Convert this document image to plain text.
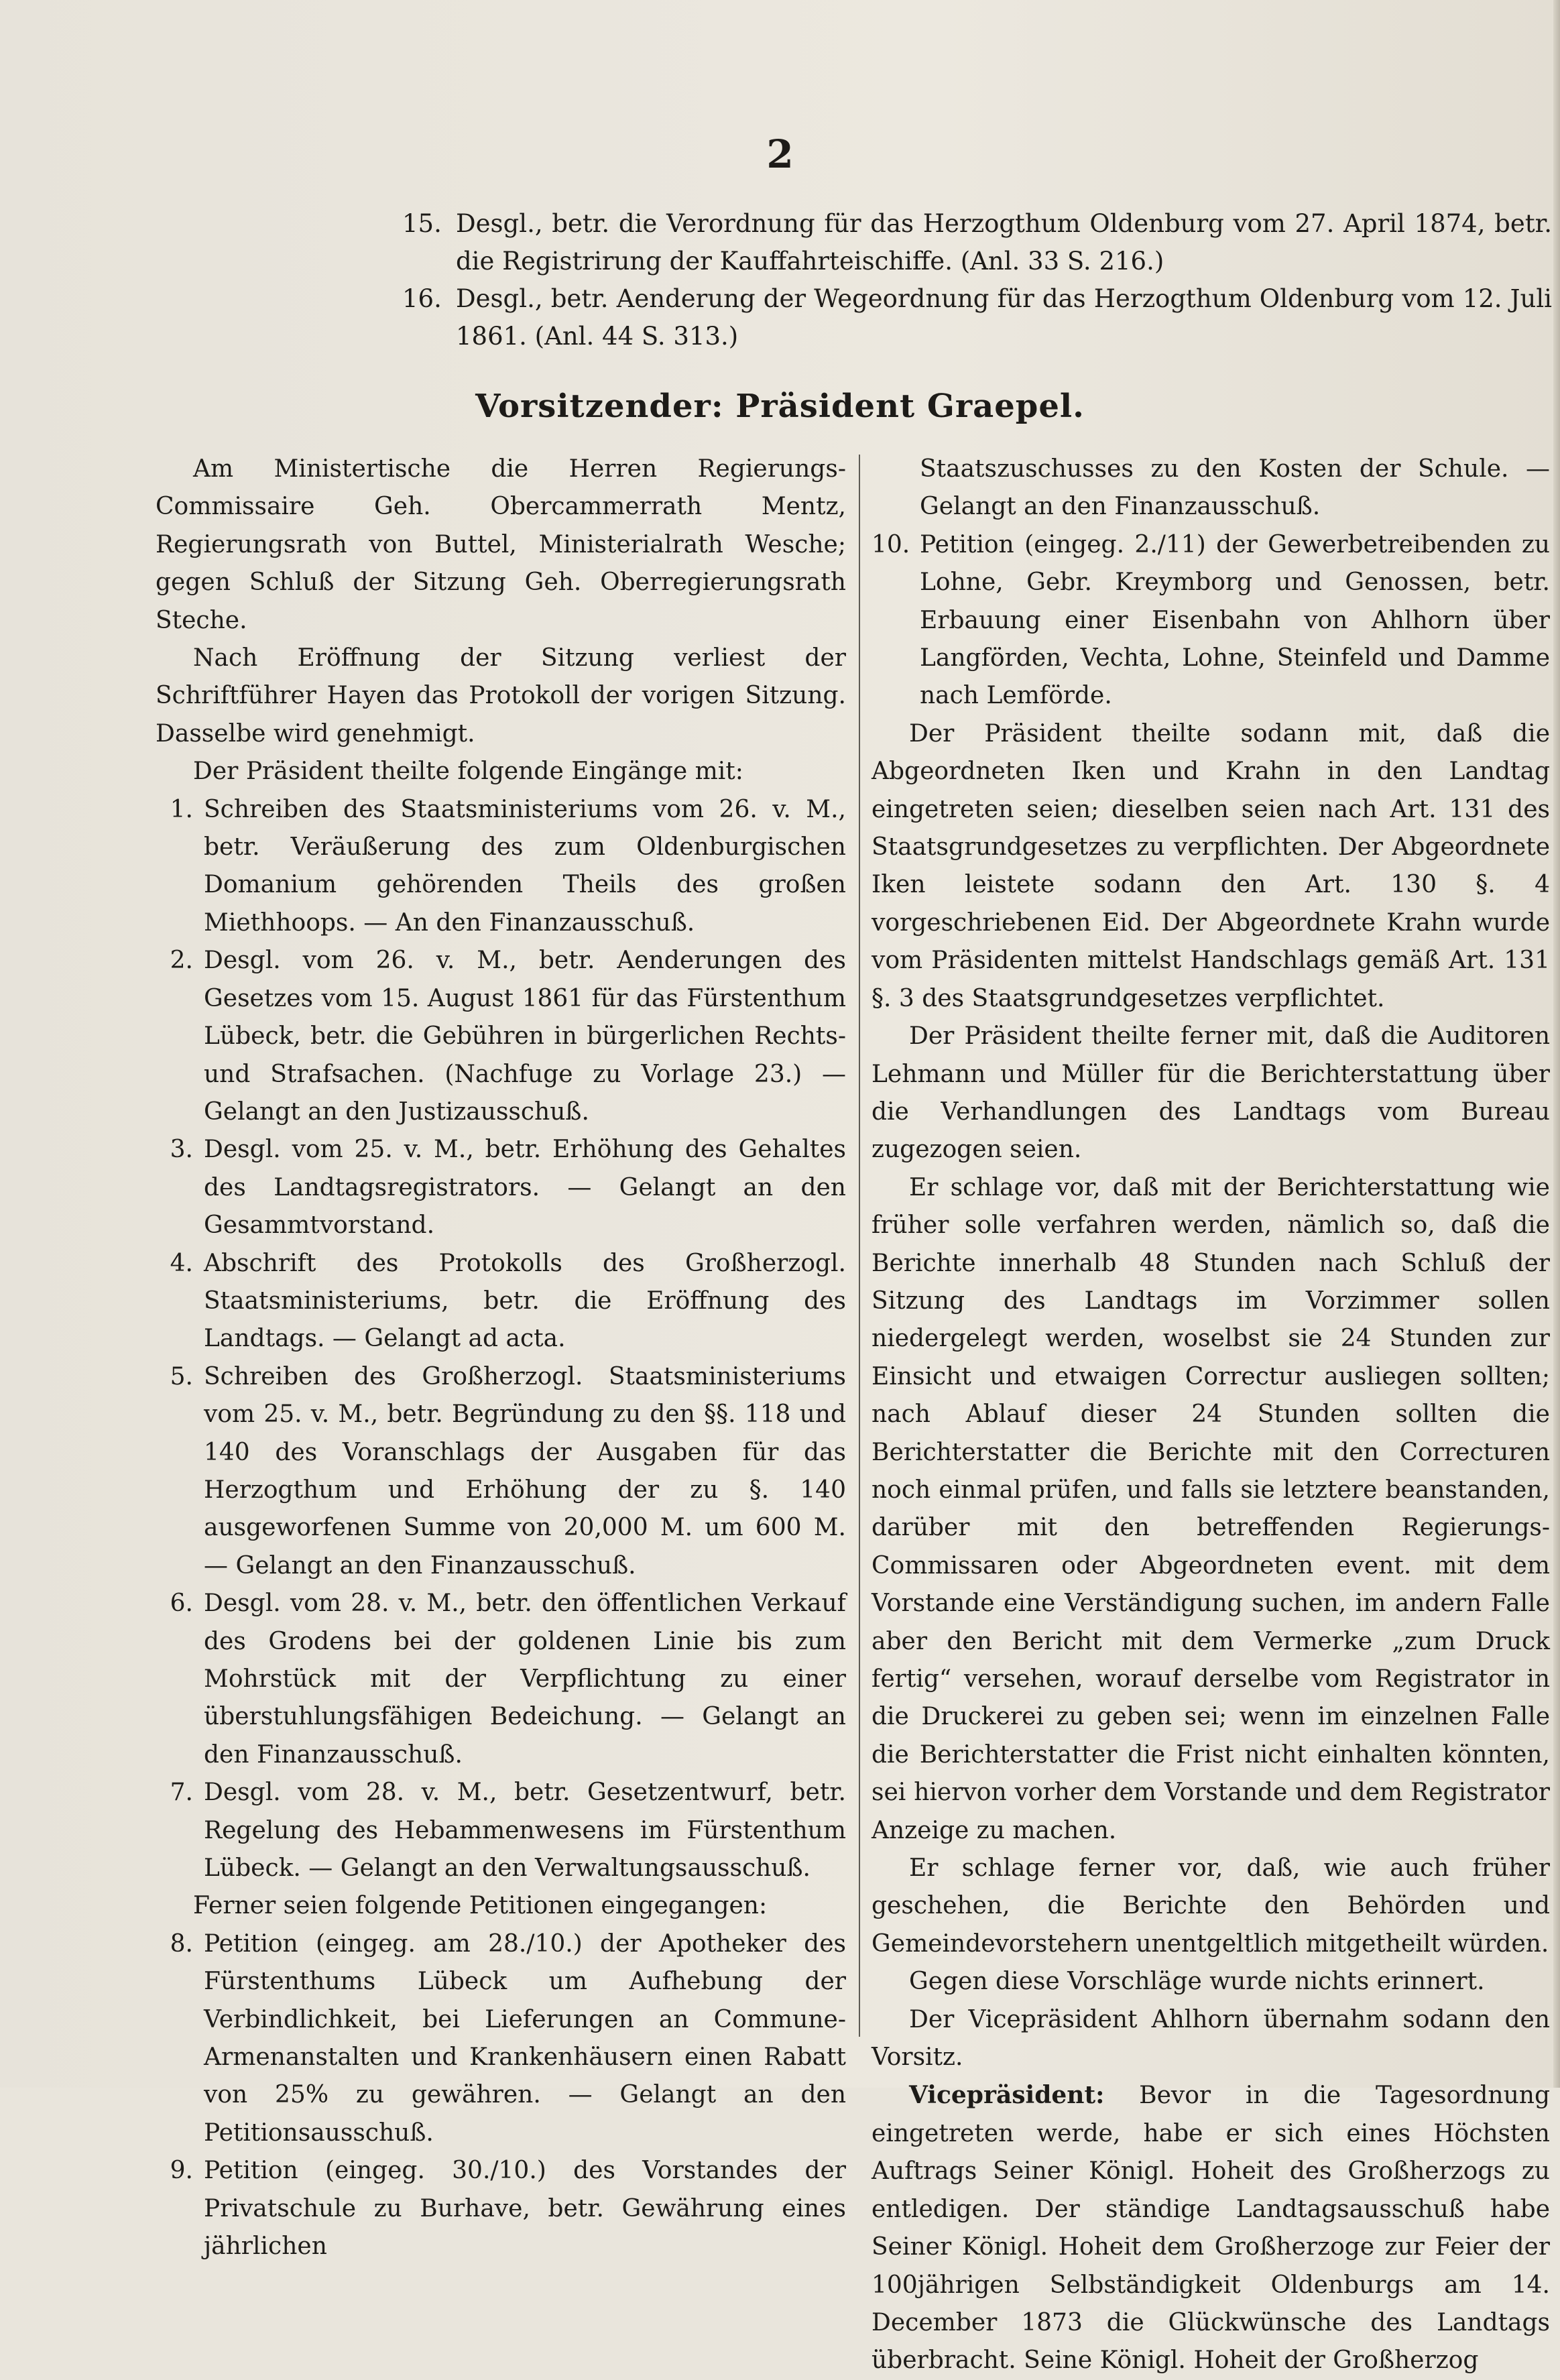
2
15. Desgl., betr. die Verordnung für das Herzogthum Oldenburg vom 27. April 1874, betr. die Registrirung der Kauffahrteischiffe. (Anl. 33 S. 216.)
16. Desgl., betr. Aenderung der Wegeordnung für das Herzogthum Oldenburg vom 12. Juli 1861. (Anl. 44 S. 313.)
Vorsitzender: Präsident Graepel.

Am Ministertische die Herren Regierungs-Commissaire Geh. Obercammerrath Mentz, Regierungsrath von Buttel, Ministerialrath Wesche; gegen Schluß der Sitzung Geh. Oberregierungsrath Steche.

Nach Eröffnung der Sitzung verliest der Schriftführer Hayen das Protokoll der vorigen Sitzung. Dasselbe wird genehmigt.

Der Präsident theilte folgende Eingänge mit:

1. Schreiben des Staatsministeriums vom 26. v. M., betr. Veräußerung des zum Oldenburgischen Domanium gehörenden Theils des großen Miethhoops. — An den Finanzausschuß.
2. Desgl. vom 26. v. M., betr. Aenderungen des Gesetzes vom 15. August 1861 für das Fürstenthum Lübeck, betr. die Gebühren in bürgerlichen Rechts- und Strafsachen. (Nachfuge zu Vorlage 23.) — Gelangt an den Justizausschuß.
3. Desgl. vom 25. v. M., betr. Erhöhung des Gehaltes des Landtagsregistrators. — Gelangt an den Gesammtvorstand.
4. Abschrift des Protokolls des Großherzogl. Staatsministeriums, betr. die Eröffnung des Landtags. — Gelangt ad acta.
5. Schreiben des Großherzogl. Staatsministeriums vom 25. v. M., betr. Begründung zu den §§. 118 und 140 des Voranschlags der Ausgaben für das Herzogthum und Erhöhung der zu §. 140 ausgeworfenen Summe von 20,000 M. um 600 M. — Gelangt an den Finanzausschuß.
6. Desgl. vom 28. v. M., betr. den öffentlichen Verkauf des Grodens bei der goldenen Linie bis zum Mohrstück mit der Verpflichtung zu einer überstuhlungsfähigen Bedeichung. — Gelangt an den Finanzausschuß.
7. Desgl. vom 28. v. M., betr. Gesetzentwurf, betr. Regelung des Hebammenwesens im Fürstenthum Lübeck. — Gelangt an den Verwaltungsausschuß.

Ferner seien folgende Petitionen eingegangen:

8. Petition (eingeg. am 28./10.) der Apotheker des Fürstenthums Lübeck um Aufhebung der Verbindlichkeit, bei Lieferungen an Commune-Armenanstalten und Krankenhäusern einen Rabatt von 25% zu gewähren. — Gelangt an den Petitionsausschuß.
9. Petition (eingeg. 30./10.) des Vorstandes der Privatschule zu Burhave, betr. Gewährung eines jährlichen

Staatszuschusses zu den Kosten der Schule. — Gelangt an den Finanzausschuß.

10. Petition (eingeg. 2./11) der Gewerbetreibenden zu Lohne, Gebr. Kreymborg und Genossen, betr. Erbauung einer Eisenbahn von Ahlhorn über Langförden, Vechta, Lohne, Steinfeld und Damme nach Lemförde.

Der Präsident theilte sodann mit, daß die Abgeordneten Iken und Krahn in den Landtag eingetreten seien; dieselben seien nach Art. 131 des Staatsgrundgesetzes zu verpflichten. Der Abgeordnete Iken leistete sodann den Art. 130 §. 4 vorgeschriebenen Eid. Der Abgeordnete Krahn wurde vom Präsidenten mittelst Handschlags gemäß Art. 131 §. 3 des Staatsgrundgesetzes verpflichtet.

Der Präsident theilte ferner mit, daß die Auditoren Lehmann und Müller für die Berichterstattung über die Verhandlungen des Landtags vom Bureau zugezogen seien.

Er schlage vor, daß mit der Berichterstattung wie früher solle verfahren werden, nämlich so, daß die Berichte innerhalb 48 Stunden nach Schluß der Sitzung des Landtags im Vorzimmer sollen niedergelegt werden, woselbst sie 24 Stunden zur Einsicht und etwaigen Correctur ausliegen sollten; nach Ablauf dieser 24 Stunden sollten die Berichterstatter die Berichte mit den Correcturen noch einmal prüfen, und falls sie letztere beanstanden, darüber mit den betreffenden Regierungs-Commissaren oder Abgeordneten event. mit dem Vorstande eine Verständigung suchen, im andern Falle aber den Bericht mit dem Vermerke „zum Druck fertig“ versehen, worauf derselbe vom Registrator in die Druckerei zu geben sei; wenn im einzelnen Falle die Berichterstatter die Frist nicht einhalten könnten, sei hiervon vorher dem Vorstande und dem Registrator Anzeige zu machen.

Er schlage ferner vor, daß, wie auch früher geschehen, die Berichte den Behörden und Gemeindevorstehern unentgeltlich mitgetheilt würden.

Gegen diese Vorschläge wurde nichts erinnert.

Der Vicepräsident Ahlhorn übernahm sodann den Vorsitz.

Vicepräsident: Bevor in die Tagesordnung eingetreten werde, habe er sich eines Höchsten Auftrags Seiner Königl. Hoheit des Großherzogs zu entledigen. Der ständige Landtagsausschuß habe Seiner Königl. Hoheit dem Großherzoge zur Feier der 100jährigen Selbständigkeit Oldenburgs am 14. December 1873 die Glückwünsche des Landtags überbracht. Seine Königl. Hoheit der Großherzog
